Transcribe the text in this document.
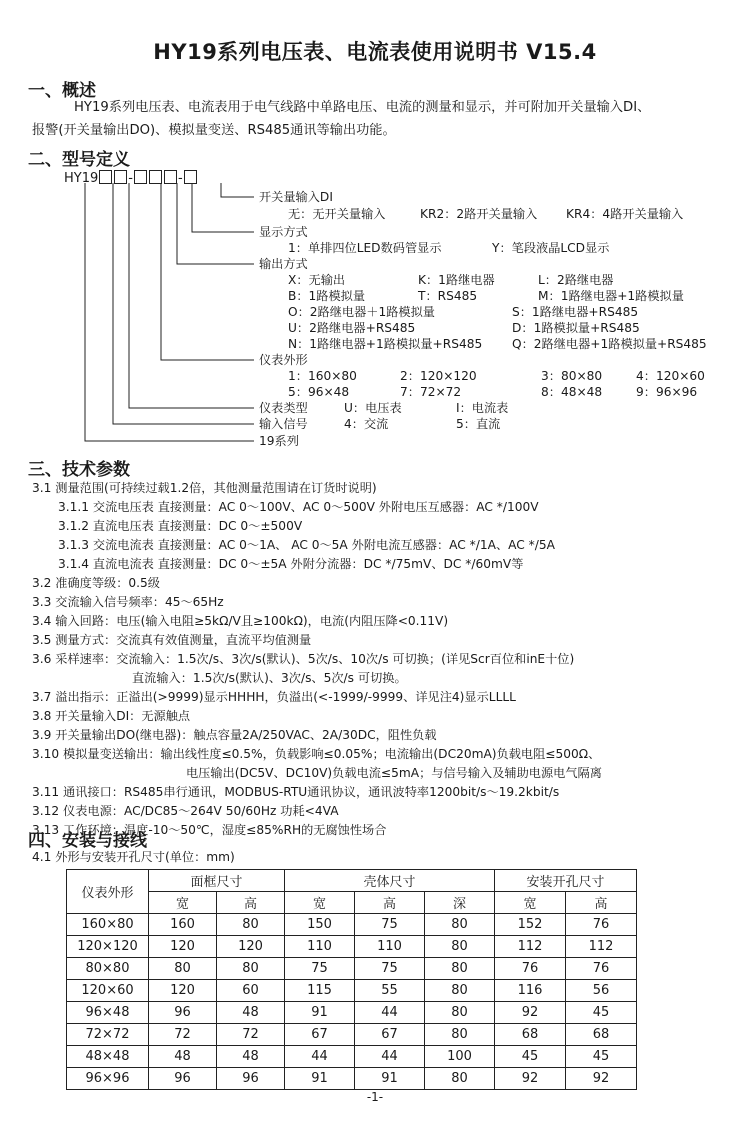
HY19系列电压表、电流表使用说明书 V15.4
一、概述
HY19系列电压表、电流表用于电气线路中单路电压、电流的测量和显示，并可附加开关量输入DI、
报警(开关量输出DO)、模拟量变送、RS485通讯等输出功能。
二、型号定义
HY19 -	-
开关量输入DI
无：无开关量输入	KR2：2路开关量输入 KR4：4路开关量输入
显示方式
1：单排四位LED数码管显示	Y：笔段液晶LCD显示
输出方式
X：无输出	K：1路继电器	L：2路继电器
B：1路模拟量	T：RS485	M：1路继电器+1路模拟量
O：2路继电器＋1路模拟量	S：1路继电器+RS485
U：2路继电器+RS485	D：1路模拟量+RS485
N：1路继电器+1路模拟量+RS485 Q：2路继电器+1路模拟量+RS485
仪表外形
1：160×80	2：120×120	3：80×80	4：120×60
5：96×48	7：72×72	8：48×48	9：96×96
仪表类型	U：电压表	I：电流表
输入信号	4：交流	5：直流
19系列
三、技术参数
3.1 测量范围(可持续过载1.2倍，其他测量范围请在订货时说明)
3.1.1 交流电压表 直接测量：AC 0～100V、AC 0～500V 外附电压互感器：AC */100V
3.1.2 直流电压表 直接测量：DC 0～±500V
3.1.3 交流电流表 直接测量：AC 0～1A、 AC 0～5A 外附电流互感器：AC */1A、AC */5A
3.1.4 直流电流表 直接测量：DC 0～±5A 外附分流器：DC */75mV、DC */60mV等
3.2 准确度等级：0.5级
3.3 交流输入信号频率：45～65Hz
3.4 输入回路：电压(输入电阻≥5kΩ/V且≥100kΩ)，电流(内阻压降<0.11V)
3.5 测量方式：交流真有效值测量，直流平均值测量
3.6 采样速率：交流输入：1.5次/s、3次/s(默认)、5次/s、10次/s 可切换；(详见Scr百位和inE十位)
直流输入：1.5次/s(默认)、3次/s、5次/s 可切换。
3.7 溢出指示：正溢出(>9999)显示HHHH，负溢出(<-1999/-9999、详见注4)显示LLLL
3.8 开关量输入DI：无源触点
3.9 开关量输出DO(继电器)：触点容量2A/250VAC、2A/30DC，阻性负载
3.10 模拟量变送输出：输出线性度≤0.5%，负载影响≤0.05%；电流输出(DC20mA)负载电阻≤500Ω、
电压输出(DC5V、DC10V)负载电流≤5mA；与信号输入及辅助电源电气隔离
3.11 通讯接口：RS485串行通讯，MODBUS-RTU通讯协议，通讯波特率1200bit/s～19.2kbit/s
3.12 仪表电源：AC/DC85～264V 50/60Hz 功耗<4VA
3.13 工作环境：温度-10～50℃，湿度≤85%RH的无腐蚀性场合
四、安装与接线
4.1 外形与安装开孔尺寸(单位：mm)
仪表外形	面框尺寸		壳体尺寸			安装开孔尺寸	
	宽	高	宽	高	深	宽	高
160×80	160	80	150	75	80	152	76
120×120	120	120	110	110	80	112	112
80×80	80	80	75	75	80	76	76
120×60	120	60	115	55	80	116	56
96×48	96	48	91	44	80	92	45
72×72	72	72	67	67	80	68	68
48×48	48	48	44	44	100	45	45
96×96	96	96	91	91	80	92	92
-1-
